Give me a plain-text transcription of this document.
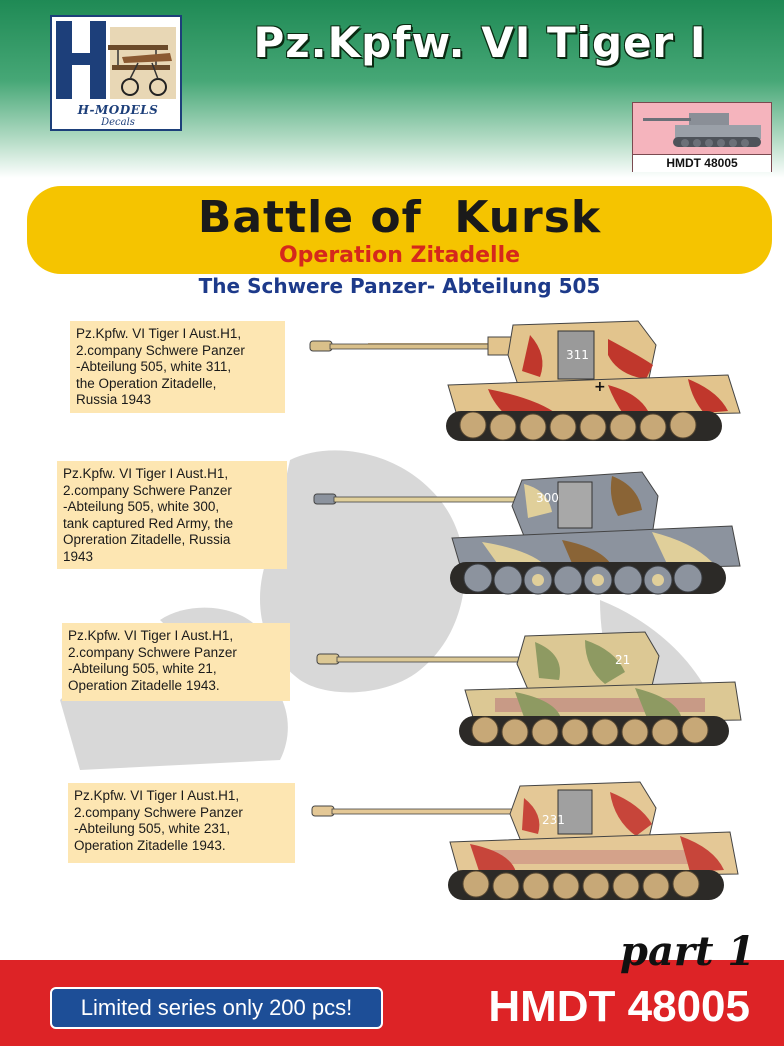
H-MODELS
Decals
Pz.Kpfw. VI Tiger I
HMDT 48005
Battle of  Kursk
Operation Zitadelle
The Schwere Panzer- Abteilung 505
Pz.Kpfw. VI Tiger I Aust.H1,
2.company Schwere Panzer
-Abteilung 505, white 311,
the Operation Zitadelle,
Russia 1943
+
311
Pz.Kpfw. VI Tiger I Aust.H1,
2.company Schwere Panzer
-Abteilung 505, white 300,
tank captured Red Army, the
Opreration Zitadelle, Russia
1943
300
Pz.Kpfw. VI Tiger I Aust.H1,
2.company Schwere Panzer
-Abteilung 505, white 21,
Operation Zitadelle 1943.
21
Pz.Kpfw. VI Tiger I Aust.H1,
2.company Schwere Panzer
-Abteilung 505, white 231,
Operation Zitadelle 1943.
231
part 1
Limited series only 200 pcs!	HMDT 48005
